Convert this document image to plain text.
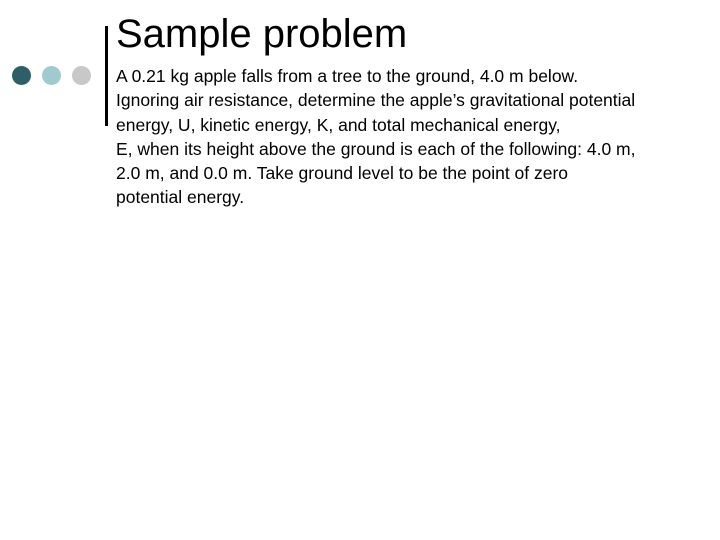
Sample problem

A 0.21 kg apple falls from a tree to the ground, 4.0 m below.
Ignoring air resistance, determine the apple’s gravitational potential
energy, U, kinetic energy, K, and total mechanical energy,
E, when its height above the ground is each of the following: 4.0 m,
2.0 m, and 0.0 m. Take ground level to be the point of zero
potential energy.
